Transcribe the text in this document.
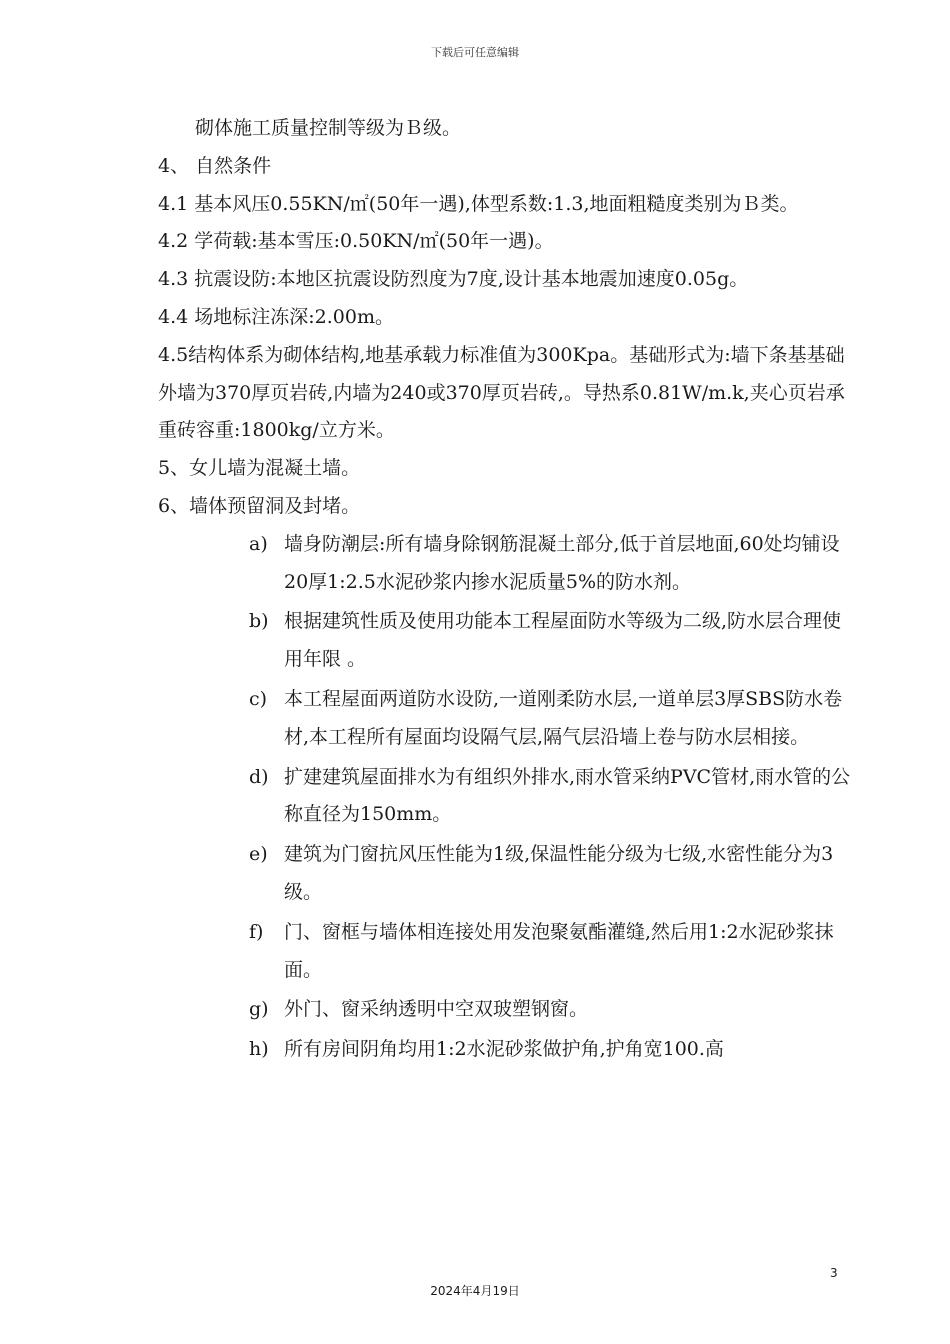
下载后可任意编辑

砌体施工质量控制等级为Ｂ级。

4、 自然条件

4.1 基本风压0.55KN/㎡(50年一遇),体型系数:1.3,地面粗糙度类别为Ｂ类。

4.2 学荷载:基本雪压:0.50KN/㎡(50年一遇)。

4.3 抗震设防:本地区抗震设防烈度为7度,设计基本地震加速度0.05g。

4.4 场地标注冻深:2.00m。

4.5结构体系为砌体结构,地基承载力标准值为300Kpa。基础形式为:墙下条基基础外墙为370厚页岩砖,内墙为240或370厚页岩砖,。导热系0.81W/m.k,夹心页岩承重砖容重:1800kg/立方米。

5、女儿墙为混凝土墙。

6、墙体预留洞及封堵。

a) 墙身防潮层:所有墙身除钢筋混凝土部分,低于首层地面,60处均铺设20厚1:2.5水泥砂浆内掺水泥质量5%的防水剂。

b) 根据建筑性质及使用功能本工程屋面防水等级为二级,防水层合理使用年限 。

c) 本工程屋面两道防水设防,一道刚柔防水层,一道单层3厚SBS防水卷材,本工程所有屋面均设隔气层,隔气层沿墙上卷与防水层相接。

d) 扩建建筑屋面排水为有组织外排水,雨水管采纳PVC管材,雨水管的公称直径为150mm。

e) 建筑为门窗抗风压性能为1级,保温性能分级为七级,水密性能分为3级。

f)	门、窗框与墙体相连接处用发泡聚氨酯灌缝,然后用1:2水泥砂浆抹面。

g) 外门、窗采纳透明中空双玻塑钢窗。

h) 所有房间阴角均用1:2水泥砂浆做护角,护角宽100.高

3
2024年4月19日
